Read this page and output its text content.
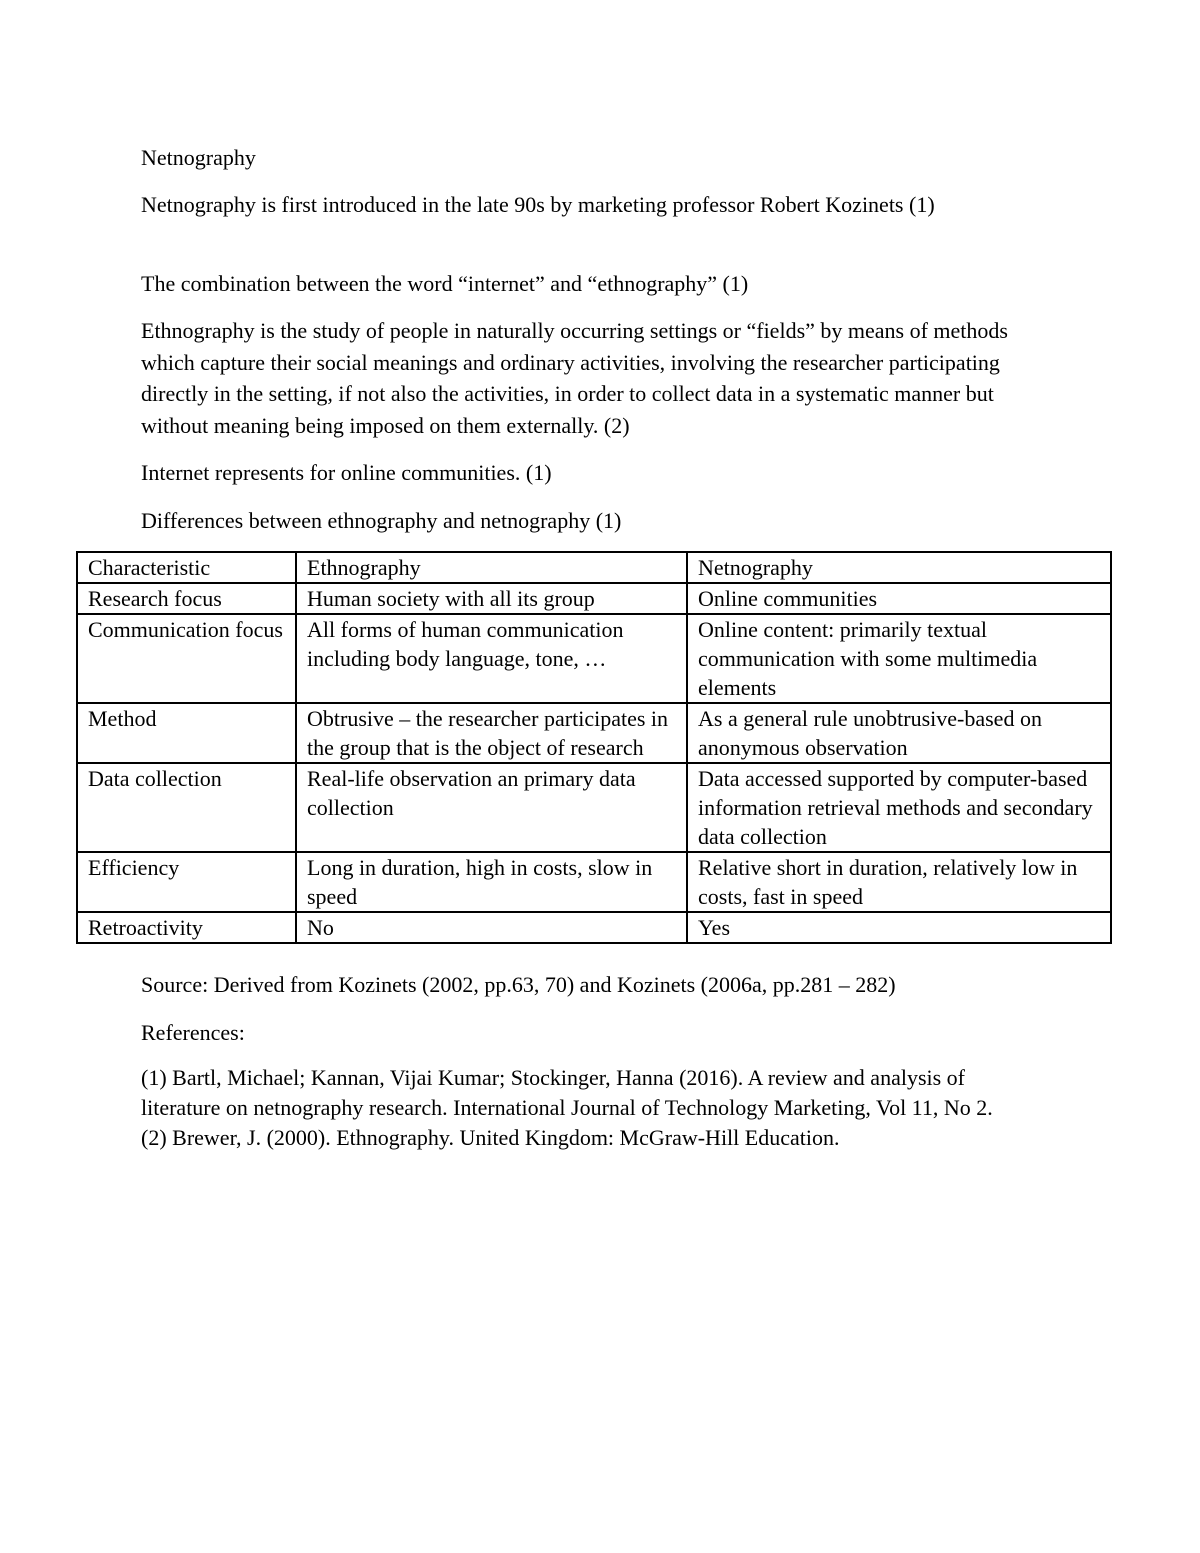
Netnography

Netnography is first introduced in the late 90s by marketing professor Robert Kozinets (1)

The combination between the word “internet” and “ethnography” (1)

Ethnography is the study of people in naturally occurring settings or “fields” by means of methods which capture their social meanings and ordinary activities, involving the researcher participating directly in the setting, if not also the activities, in order to collect data in a systematic manner but without meaning being imposed on them externally. (2)

Internet represents for online communities. (1)

Differences between ethnography and netnography (1)

Characteristic	Ethnography	Netnography
Research focus	Human society with all its group	Online communities
Communication focus	All forms of human communication including body language, tone, …	Online content: primarily textual communication with some multimedia elements
Method	Obtrusive – the researcher participates in the group that is the object of research	As a general rule unobtrusive-based on anonymous observation
Data collection	Real-life observation an primary data collection	Data accessed supported by computer-based information retrieval methods and secondary data collection
Efficiency	Long in duration, high in costs, slow in speed	Relative short in duration, relatively low in costs, fast in speed
Retroactivity	No	Yes

Source: Derived from Kozinets (2002, pp.63, 70) and Kozinets (2006a, pp.281 – 282)

References:

(1) Bartl, Michael; Kannan, Vijai Kumar; Stockinger, Hanna (2016). A review and analysis of literature on netnography research. International Journal of Technology Marketing, Vol 11, No 2.
(2) Brewer, J. (2000). Ethnography. United Kingdom: McGraw-Hill Education.
